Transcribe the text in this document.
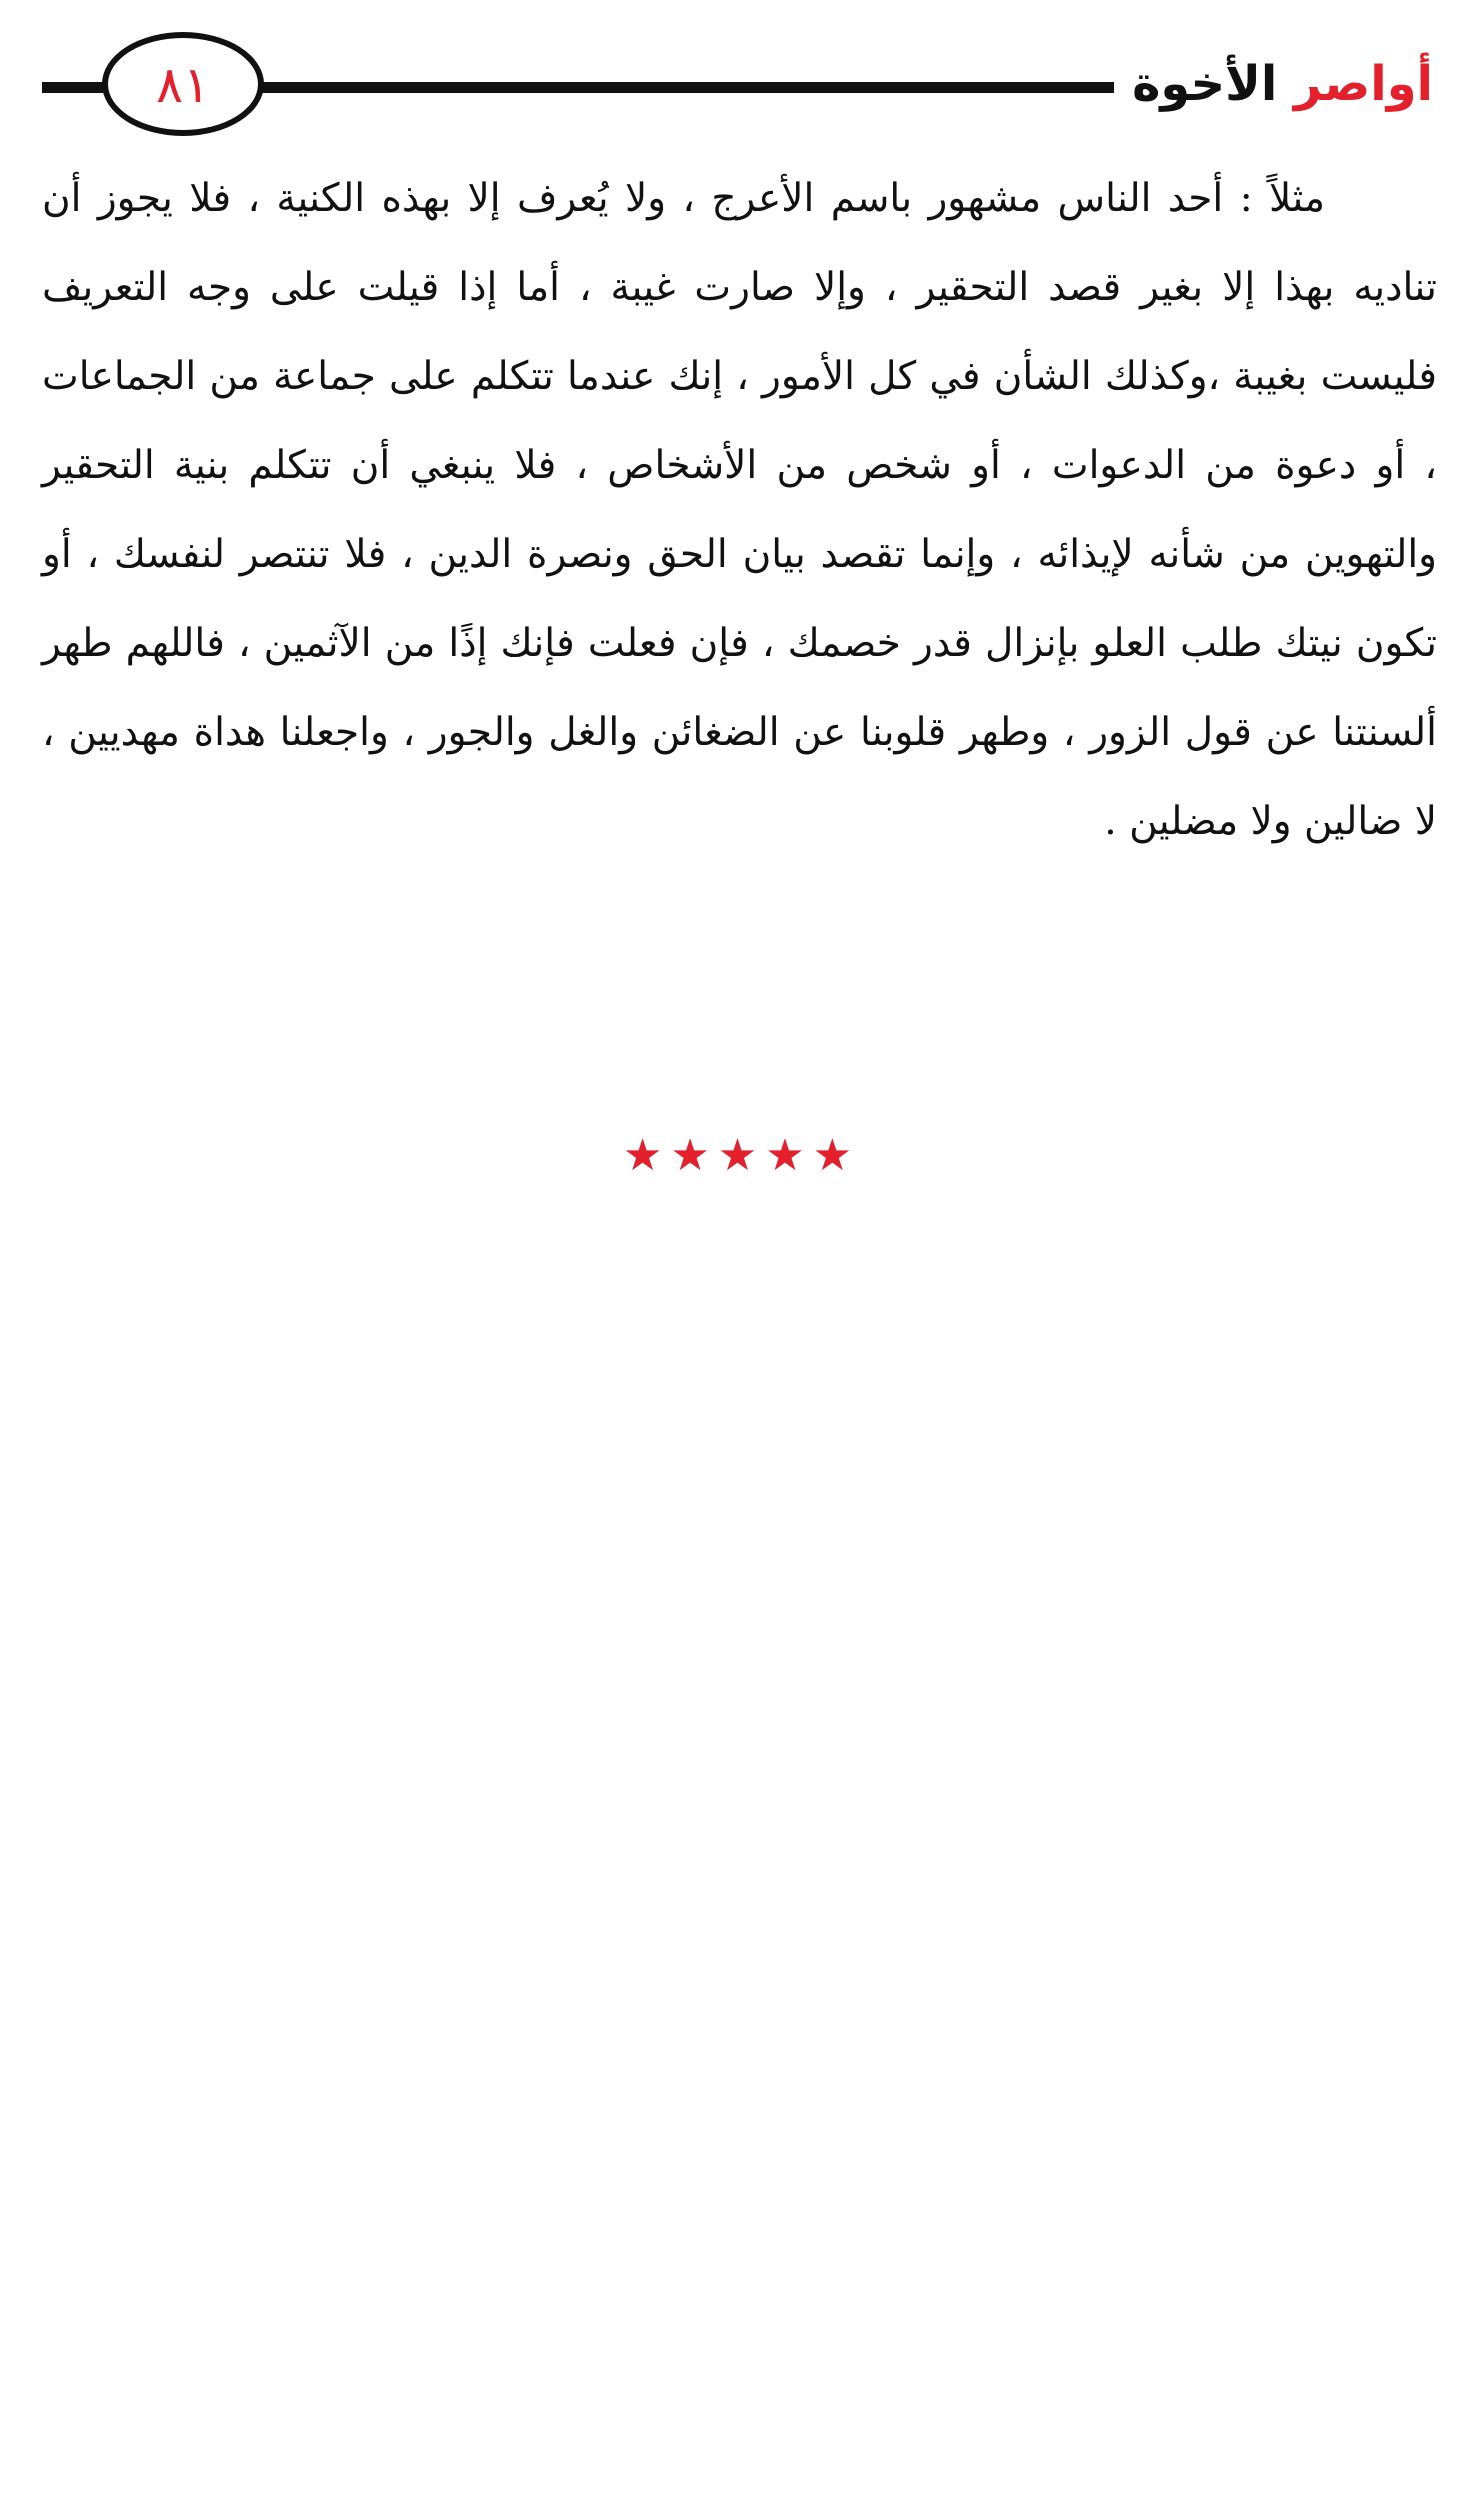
أواصر الأخوة
٨١

مثلاً : أحد الناس مشهور باسم الأعرج ، ولا يُعرف إلا بهذه الكنية ، فلا يجوز أن تناديه بهذا إلا بغير قصد التحقير ، وإلا صارت غيبة ، أما إذا قيلت على وجه التعريف فليست بغيبة ،وكذلك الشأن في كل الأمور ، إنك عندما تتكلم على جماعة من الجماعات ، أو دعوة من الدعوات ، أو شخص من الأشخاص ، فلا ينبغي أن تتكلم بنية التحقير والتهوين من شأنه لإيذائه ، وإنما تقصد بيان الحق ونصرة الدين ، فلا تنتصر لنفسك ، أو تكون نيتك طلب العلو بإنزال قدر خصمك ، فإن فعلت فإنك إذًا من الآثمين ، فاللهم طهر ألسنتنا عن قول الزور ، وطهر قلوبنا عن الضغائن والغل والجور ، واجعلنا هداة مهديين ، لا ضالين ولا مضلين .

★★★★★
